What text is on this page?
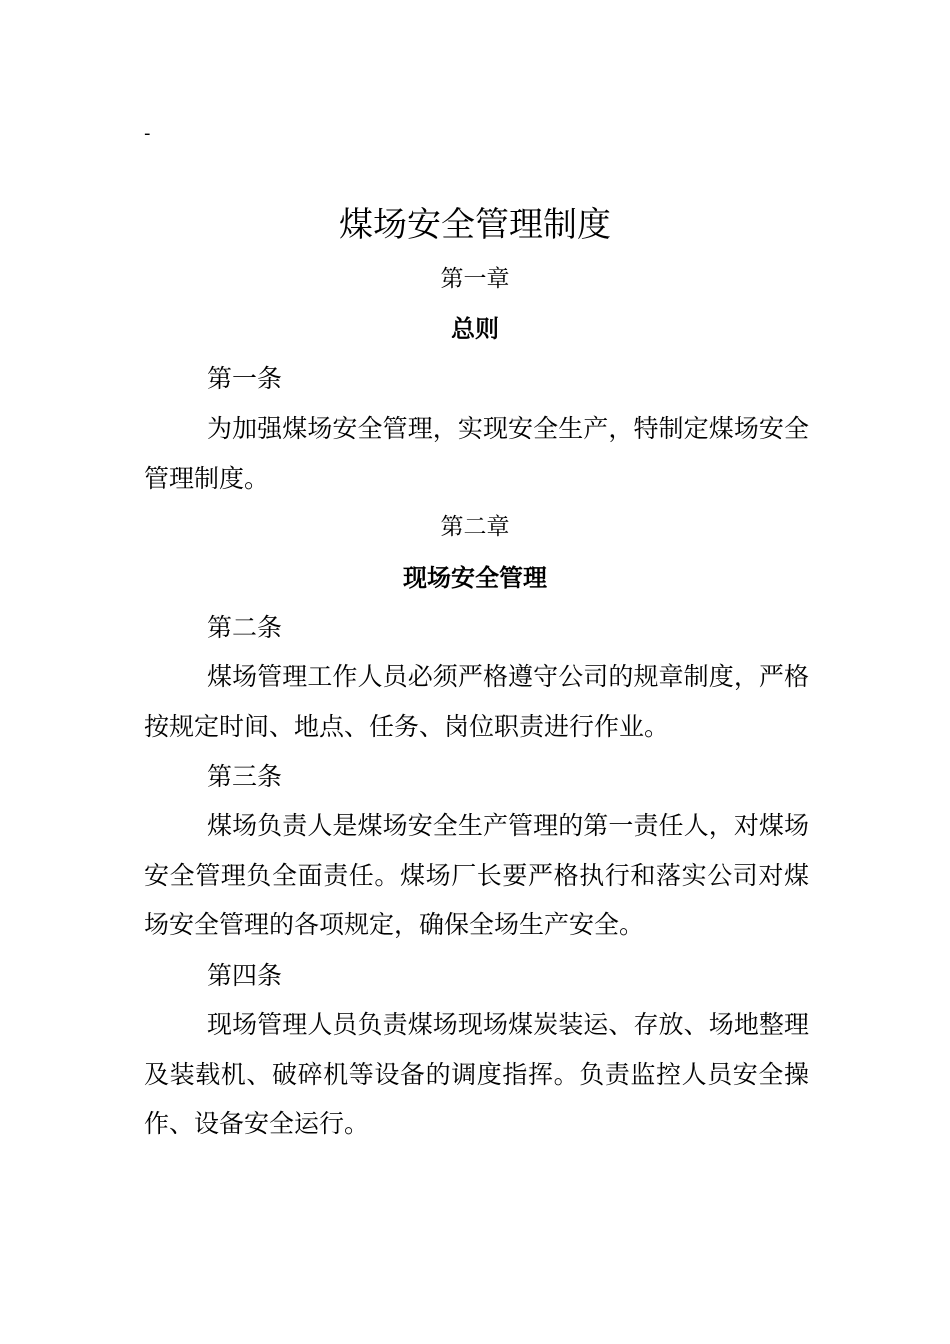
-
煤场安全管理制度
第一章
总则
第一条

为加强煤场安全管理，实现安全生产，特制定煤场安全管理制度。

第二章
现场安全管理
第二条

煤场管理工作人员必须严格遵守公司的规章制度，严格按规定时间、地点、任务、岗位职责进行作业。

第三条

煤场负责人是煤场安全生产管理的第一责任人，对煤场安全管理负全面责任。煤场厂长要严格执行和落实公司对煤场安全管理的各项规定，确保全场生产安全。

第四条

现场管理人员负责煤场现场煤炭装运、存放、场地整理及装载机、破碎机等设备的调度指挥。负责监控人员安全操作、设备安全运行。
